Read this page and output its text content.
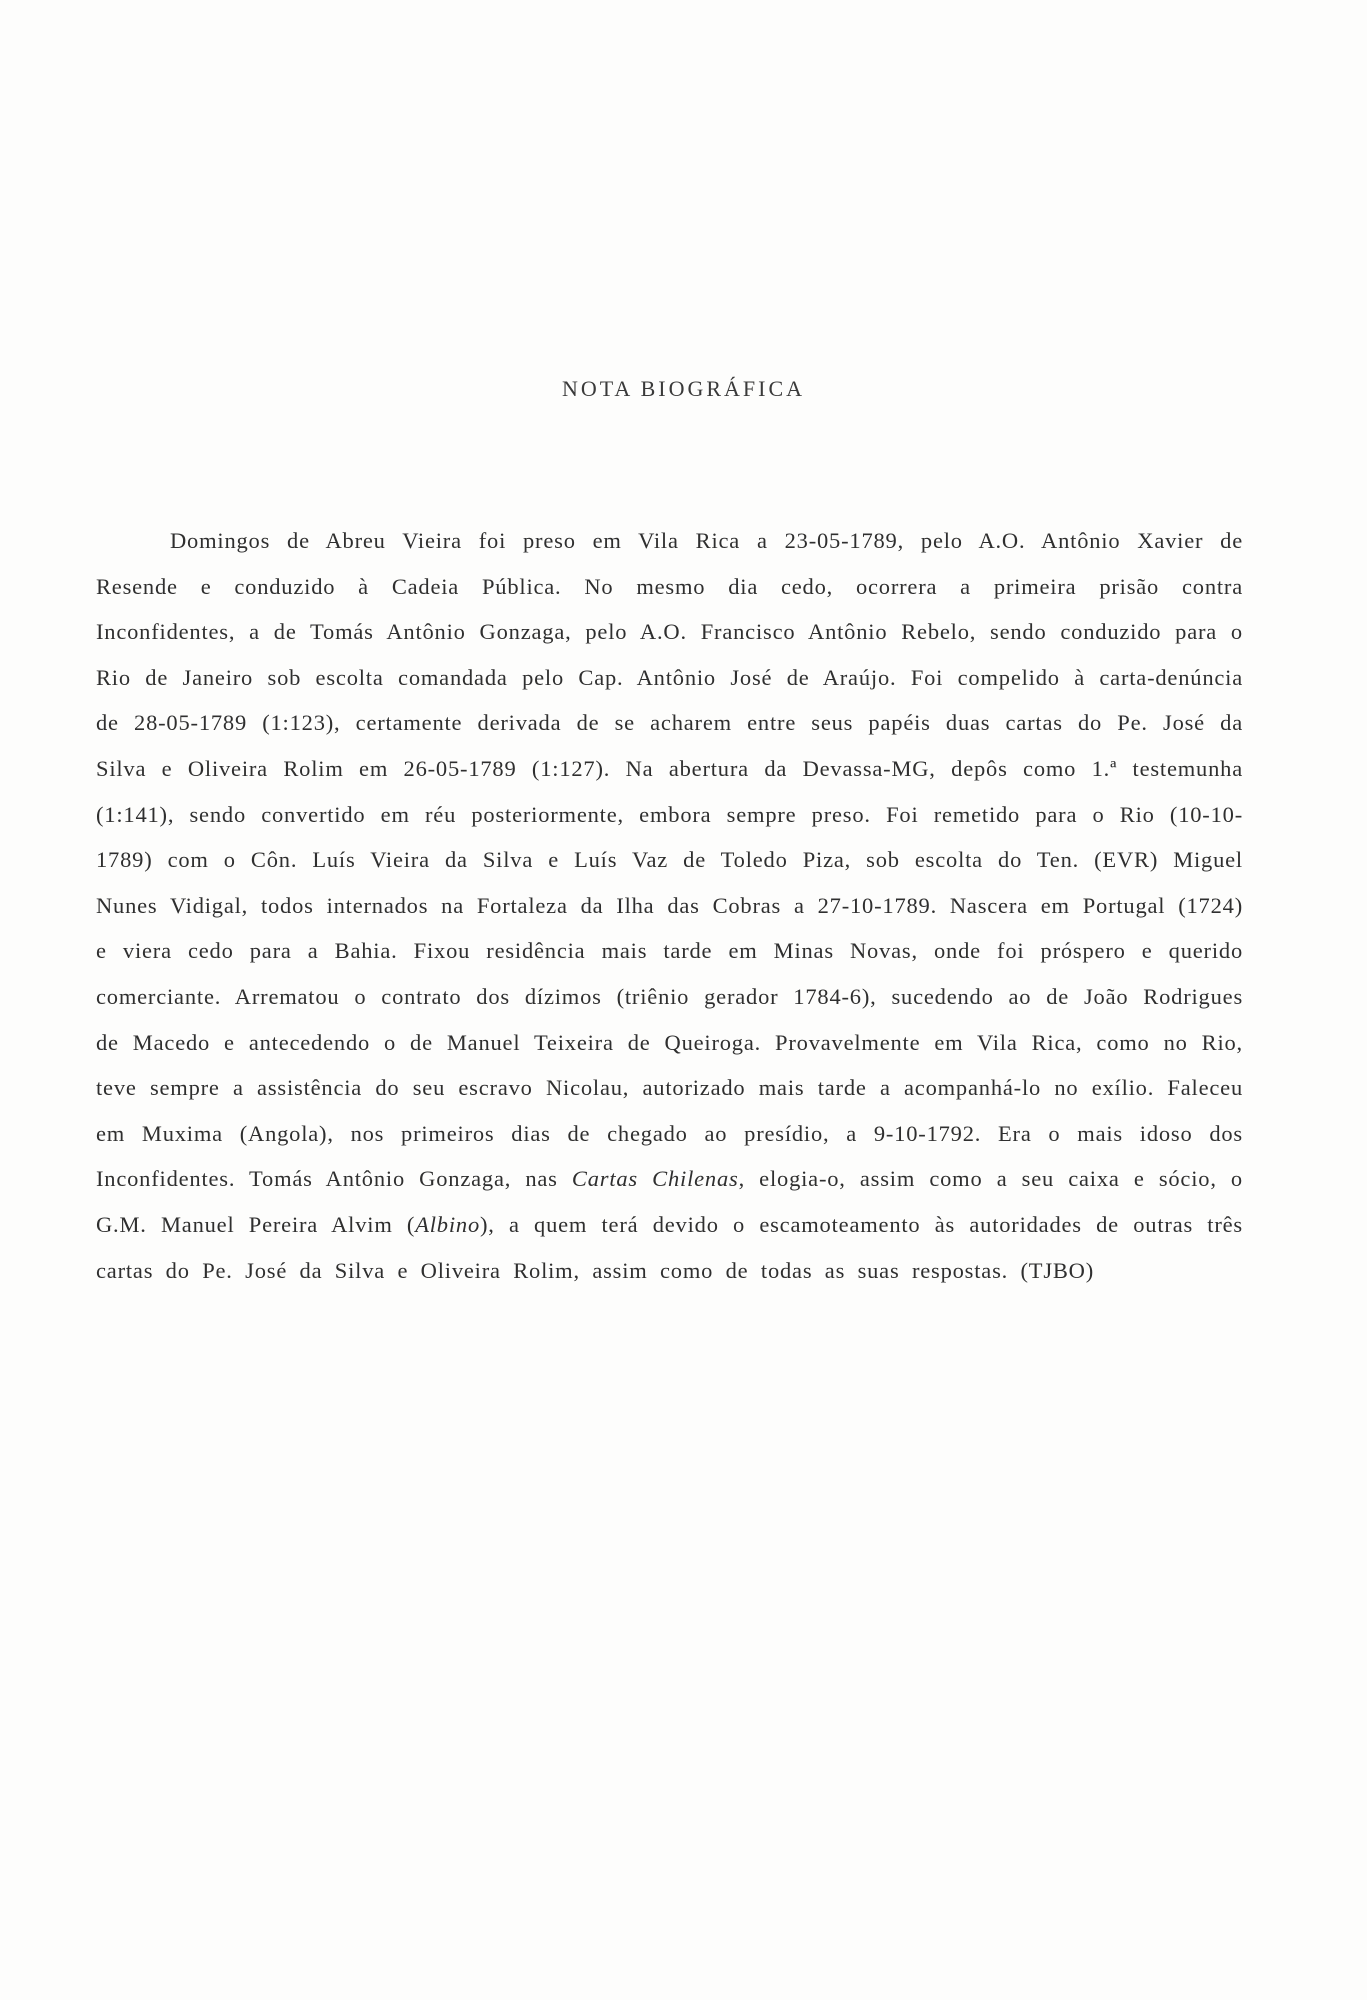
NOTA BIOGRÁFICA

Domingos de Abreu Vieira foi preso em Vila Rica a 23-05-1789, pelo A.O. Antônio Xavier de Resende e conduzido à Cadeia Pública. No mesmo dia cedo, ocorrera a primeira prisão contra Inconfidentes, a de Tomás Antônio Gonzaga, pelo A.O. Francisco Antônio Rebelo, sendo conduzido para o Rio de Janeiro sob escolta comandada pelo Cap. Antônio José de Araújo. Foi compelido à carta-denúncia de 28-05-1789 (1:123), certamente derivada de se acharem entre seus papéis duas cartas do Pe. José da Silva e Oliveira Rolim em 26-05-1789 (1:127). Na abertura da Devassa-MG, depôs como 1.ª testemunha (1:141), sendo convertido em réu posteriormente, embora sempre preso. Foi remetido para o Rio (10-10-1789) com o Côn. Luís Vieira da Silva e Luís Vaz de Toledo Piza, sob escolta do Ten. (EVR) Miguel Nunes Vidigal, todos internados na Fortaleza da Ilha das Cobras a 27-10-1789. Nascera em Portugal (1724) e viera cedo para a Bahia. Fixou residência mais tarde em Minas Novas, onde foi próspero e querido comerciante. Arrematou o contrato dos dízimos (triênio gerador 1784-6), sucedendo ao de João Rodrigues de Macedo e antecedendo o de Manuel Teixeira de Queiroga. Provavelmente em Vila Rica, como no Rio, teve sempre a assistência do seu escravo Nicolau, autorizado mais tarde a acompanhá-lo no exílio. Faleceu em Muxima (Angola), nos primeiros dias de chegado ao presídio, a 9-10-1792. Era o mais idoso dos Inconfidentes. Tomás Antônio Gonzaga, nas Cartas Chilenas, elogia-o, assim como a seu caixa e sócio, o G.M. Manuel Pereira Alvim (Albino), a quem terá devido o escamoteamento às autoridades de outras três cartas do Pe. José da Silva e Oliveira Rolim, assim como de todas as suas respostas. (TJBO)
